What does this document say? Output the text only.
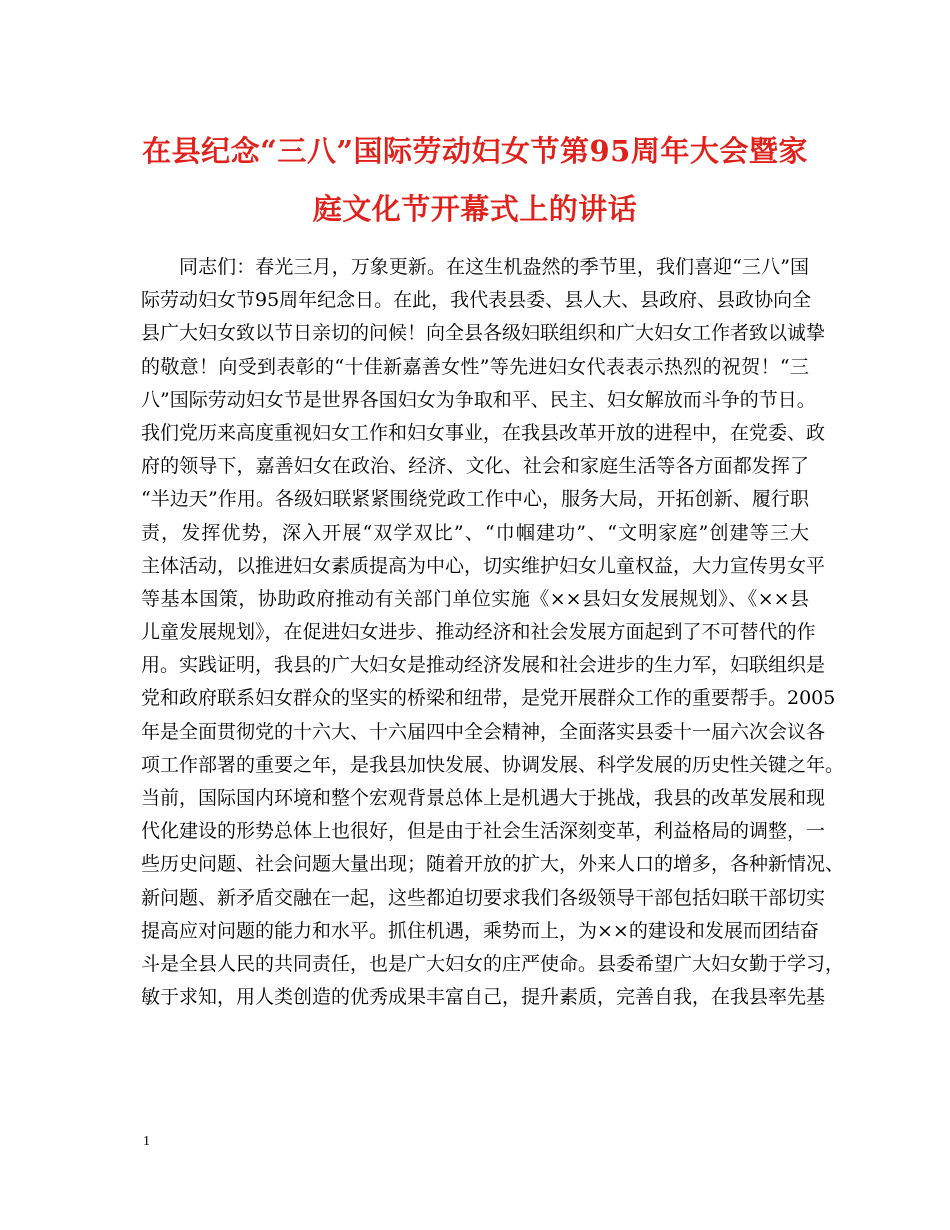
在县纪念“三八”国际劳动妇女节第95周年大会暨家
庭文化节开幕式上的讲话
同志们：春光三月，万象更新。在这生机盎然的季节里，我们喜迎“三八”国
际劳动妇女节95周年纪念日。在此，我代表县委、县人大、县政府、县政协向全
县广大妇女致以节日亲切的问候！向全县各级妇联组织和广大妇女工作者致以诚挚
的敬意！向受到表彰的“十佳新嘉善女性”等先进妇女代表表示热烈的祝贺！“三
八”国际劳动妇女节是世界各国妇女为争取和平、民主、妇女解放而斗争的节日。
我们党历来高度重视妇女工作和妇女事业，在我县改革开放的进程中，在党委、政
府的领导下，嘉善妇女在政治、经济、文化、社会和家庭生活等各方面都发挥了
“半边天”作用。各级妇联紧紧围绕党政工作中心，服务大局，开拓创新、履行职
责，发挥优势，深入开展“双学双比”、“巾帼建功”、“文明家庭”创建等三大
主体活动，以推进妇女素质提高为中心，切实维护妇女儿童权益，大力宣传男女平
等基本国策，协助政府推动有关部门单位实施《××县妇女发展规划》、《××县
儿童发展规划》，在促进妇女进步、推动经济和社会发展方面起到了不可替代的作
用。实践证明，我县的广大妇女是推动经济发展和社会进步的生力军，妇联组织是
党和政府联系妇女群众的坚实的桥梁和纽带，是党开展群众工作的重要帮手。2005
年是全面贯彻党的十六大、十六届四中全会精神，全面落实县委十一届六次会议各
项工作部署的重要之年，是我县加快发展、协调发展、科学发展的历史性关键之年。
当前，国际国内环境和整个宏观背景总体上是机遇大于挑战，我县的改革发展和现
代化建设的形势总体上也很好，但是由于社会生活深刻变革，利益格局的调整，一
些历史问题、社会问题大量出现；随着开放的扩大，外来人口的增多，各种新情况、
新问题、新矛盾交融在一起，这些都迫切要求我们各级领导干部包括妇联干部切实
提高应对问题的能力和水平。抓住机遇，乘势而上，为××的建设和发展而团结奋
斗是全县人民的共同责任，也是广大妇女的庄严使命。县委希望广大妇女勤于学习，
敏于求知，用人类创造的优秀成果丰富自己，提升素质，完善自我，在我县率先基
1
